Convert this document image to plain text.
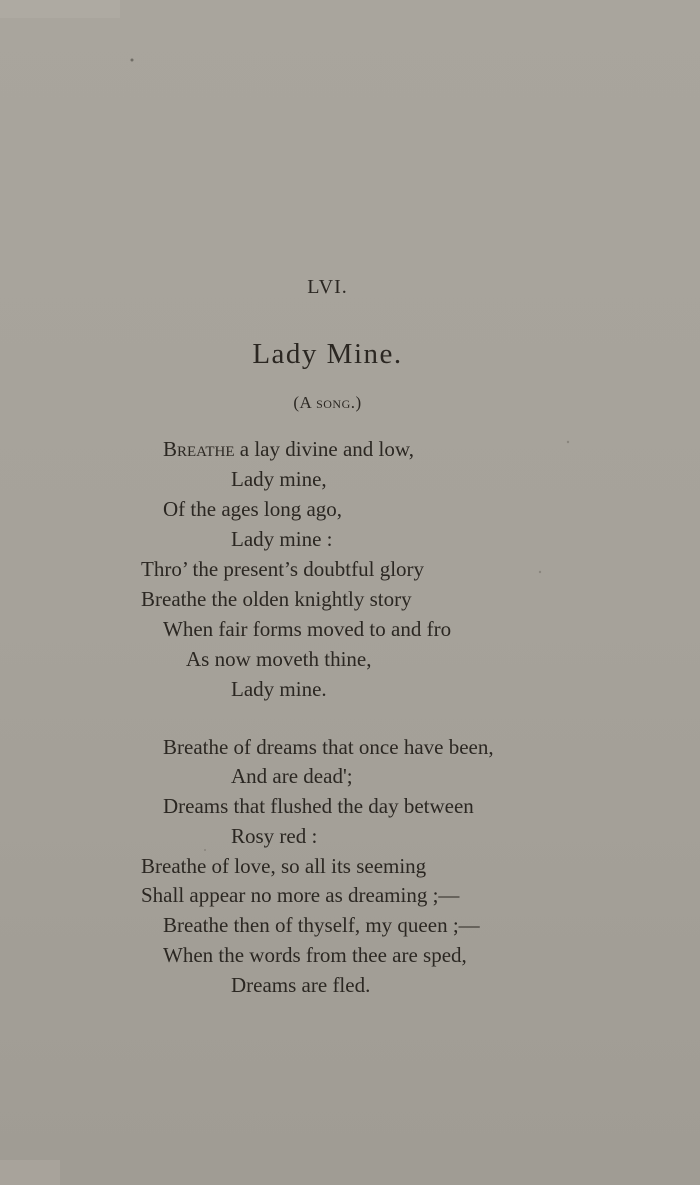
LVI.
Lady Mine.
(A song.)
Breathe a lay divine and low,
Lady mine,
Of the ages long ago,
Lady mine :
Thro’ the present’s doubtful glory
Breathe the olden knightly story
When fair forms moved to and fro
As now moveth thine,
Lady mine.
Breathe of dreams that once have been,
And are dead';
Dreams that flushed the day between
Rosy red :
Breathe of love, so all its seeming
Shall appear no more as dreaming ;—
Breathe then of thyself, my queen ;—
When the words from thee are sped,
Dreams are fled.
